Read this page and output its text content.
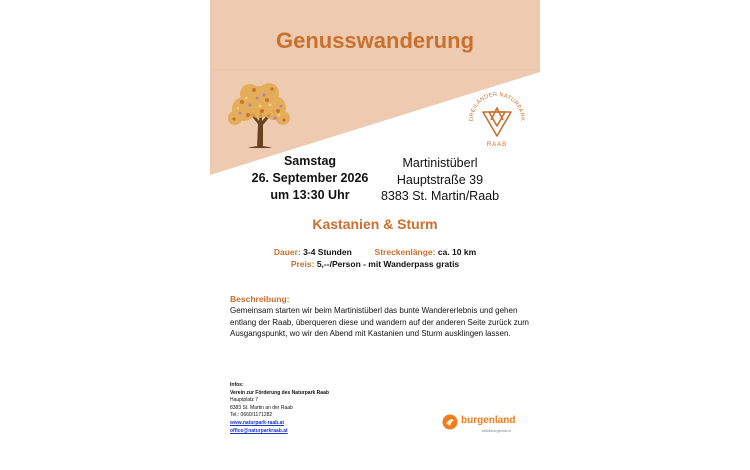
Genusswanderung
DREILÄNDER NATURPARK
RAAB
Samstag
26. September 2026
um 13:30 Uhr
Martinistüberl
Hauptstraße 39
8383 St. Martin/Raab
Kastanien & Sturm
Dauer: 3-4 Stunden	Streckenlänge: ca. 10 km
Preis: 5,--/Person - mit Wanderpass gratis
Beschreibung:
Gemeinsam starten wir beim Martinistüberl das bunte Wandererlebnis und gehen entlang der Raab, überqueren diese und wandern auf der anderen Seite zurück zum Ausgangspunkt, wo wir den Abend mit Kastanien und Sturm ausklingen lassen.
Infos:
Verein zur Förderung des Naturpark Raab
Hauptplatz 7
8383 St. Martin an der Raab
Tel.: 0660/1171282
www.naturpark-raab.at
office@naturparkraab.at
burgenland
stadtburgenland
